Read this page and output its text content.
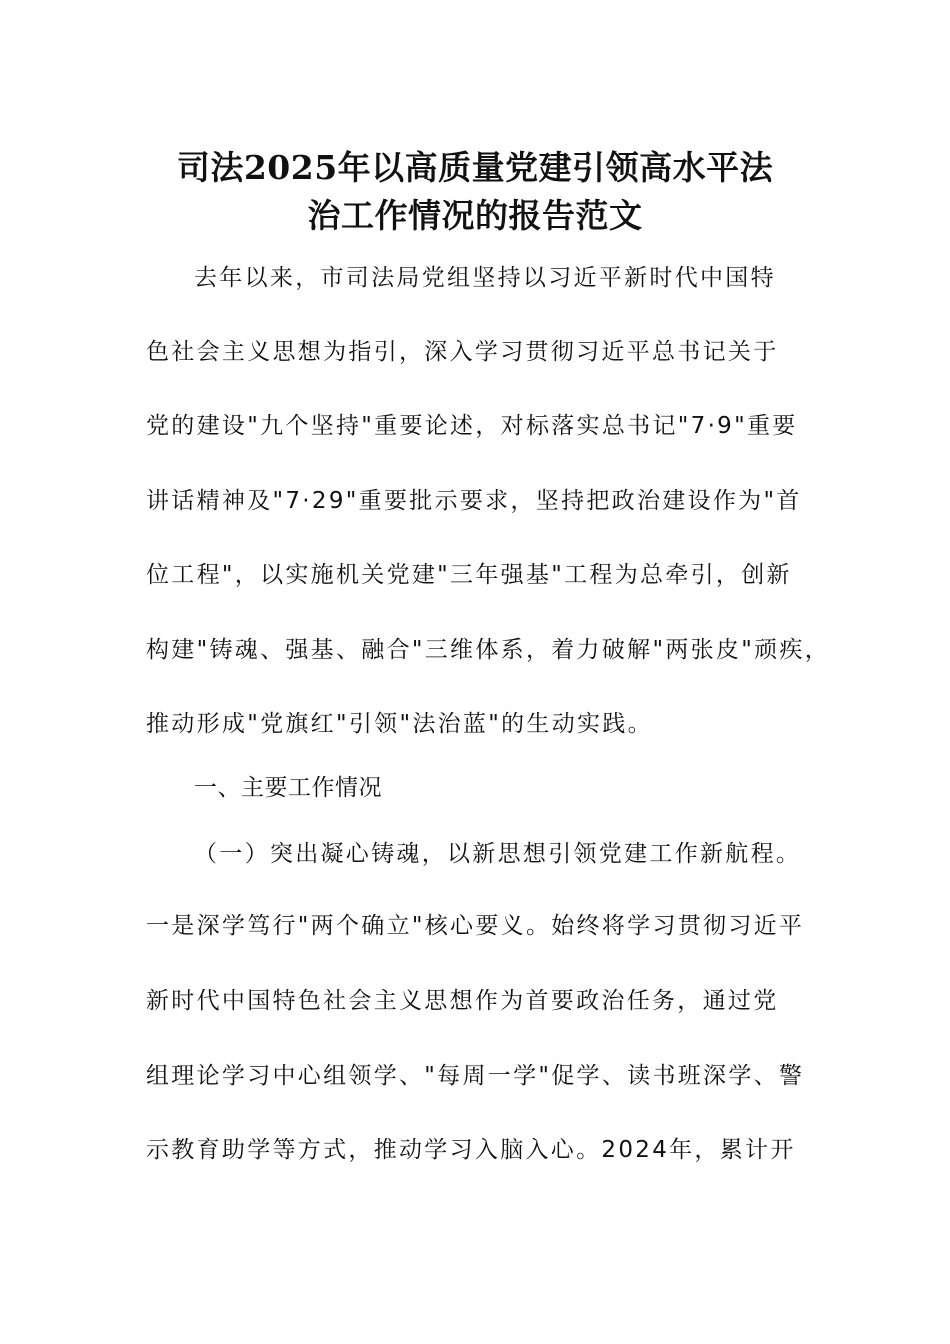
司法2025年以高质量党建引领高水平法
治工作情况的报告范文
去年以来，市司法局党组坚持以习近平新时代中国特
色社会主义思想为指引，深入学习贯彻习近平总书记关于
党的建设"九个坚持"重要论述，对标落实总书记"7·9"重要
讲话精神及"7·29"重要批示要求，坚持把政治建设作为"首
位工程"，以实施机关党建"三年强基"工程为总牵引，创新
构建"铸魂、强基、融合"三维体系，着力破解"两张皮"顽疾，
推动形成"党旗红"引领"法治蓝"的生动实践。
一、主要工作情况
（一）突出凝心铸魂，以新思想引领党建工作新航程。
一是深学笃行"两个确立"核心要义。始终将学习贯彻习近平
新时代中国特色社会主义思想作为首要政治任务，通过党
组理论学习中心组领学、"每周一学"促学、读书班深学、警
示教育助学等方式，推动学习入脑入心。2024年，累计开
